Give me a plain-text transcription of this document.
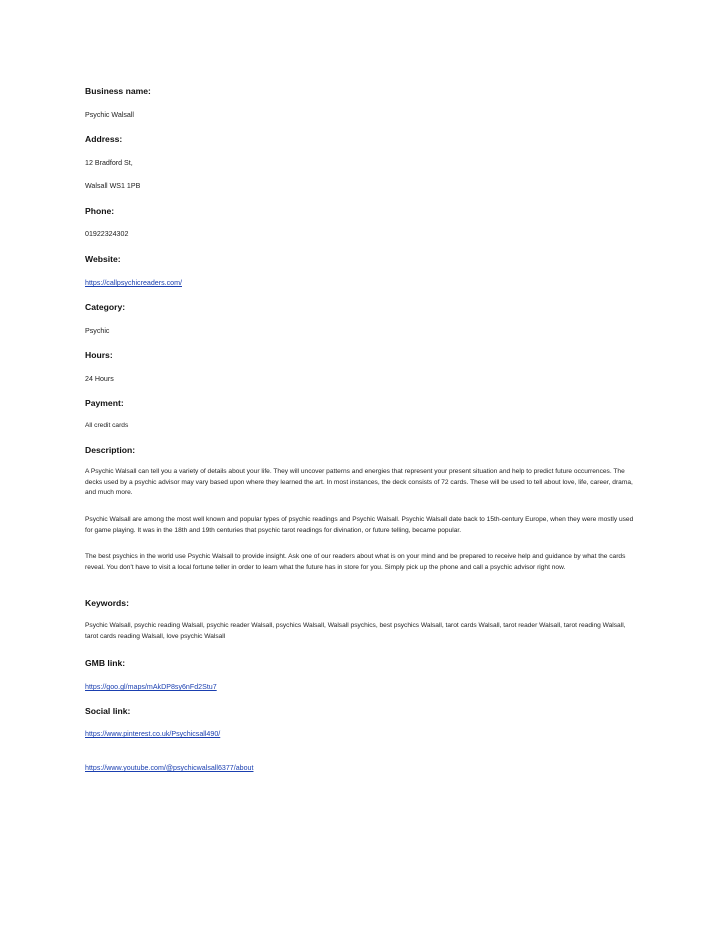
Business name:
Psychic Walsall
Address:
12 Bradford St,
Walsall WS1 1PB
Phone:
01922324302
Website:
https://callpsychicreaders.com/
Category:
Psychic
Hours:
24 Hours
Payment:
All credit cards
Description:
A Psychic Walsall can tell you a variety of details about your life. They will uncover patterns and energies that represent your present situation and help to predict future occurrences. The decks used by a psychic advisor may vary based upon where they learned the art. In most instances, the deck consists of 72 cards. These will be used to tell about love, life, career, drama, and much more.
Psychic Walsall are among the most well known and popular types of psychic readings and Psychic Walsall. Psychic Walsall date back to 15th-century Europe, when they were mostly used for game playing. It was in the 18th and 19th centuries that psychic tarot readings for divination, or future telling, became popular.
The best psychics in the world use Psychic Walsall to provide insight. Ask one of our readers about what is on your mind and be prepared to receive help and guidance by what the cards reveal. You don't have to visit a local fortune teller in order to learn what the future has in store for you. Simply pick up the phone and call a psychic advisor right now.
Keywords:
Psychic Walsall, psychic reading Walsall, psychic reader Walsall, psychics Walsall, Walsall psychics, best psychics Walsall, tarot cards Walsall, tarot reader Walsall, tarot reading Walsall, tarot cards reading Walsall, love psychic Walsall
GMB link:
https://goo.gl/maps/mAkDP8sy6nFd2Stu7
Social link:
https://www.pinterest.co.uk/Psychicsall490/
https://www.youtube.com/@psychicwalsall6377/about
